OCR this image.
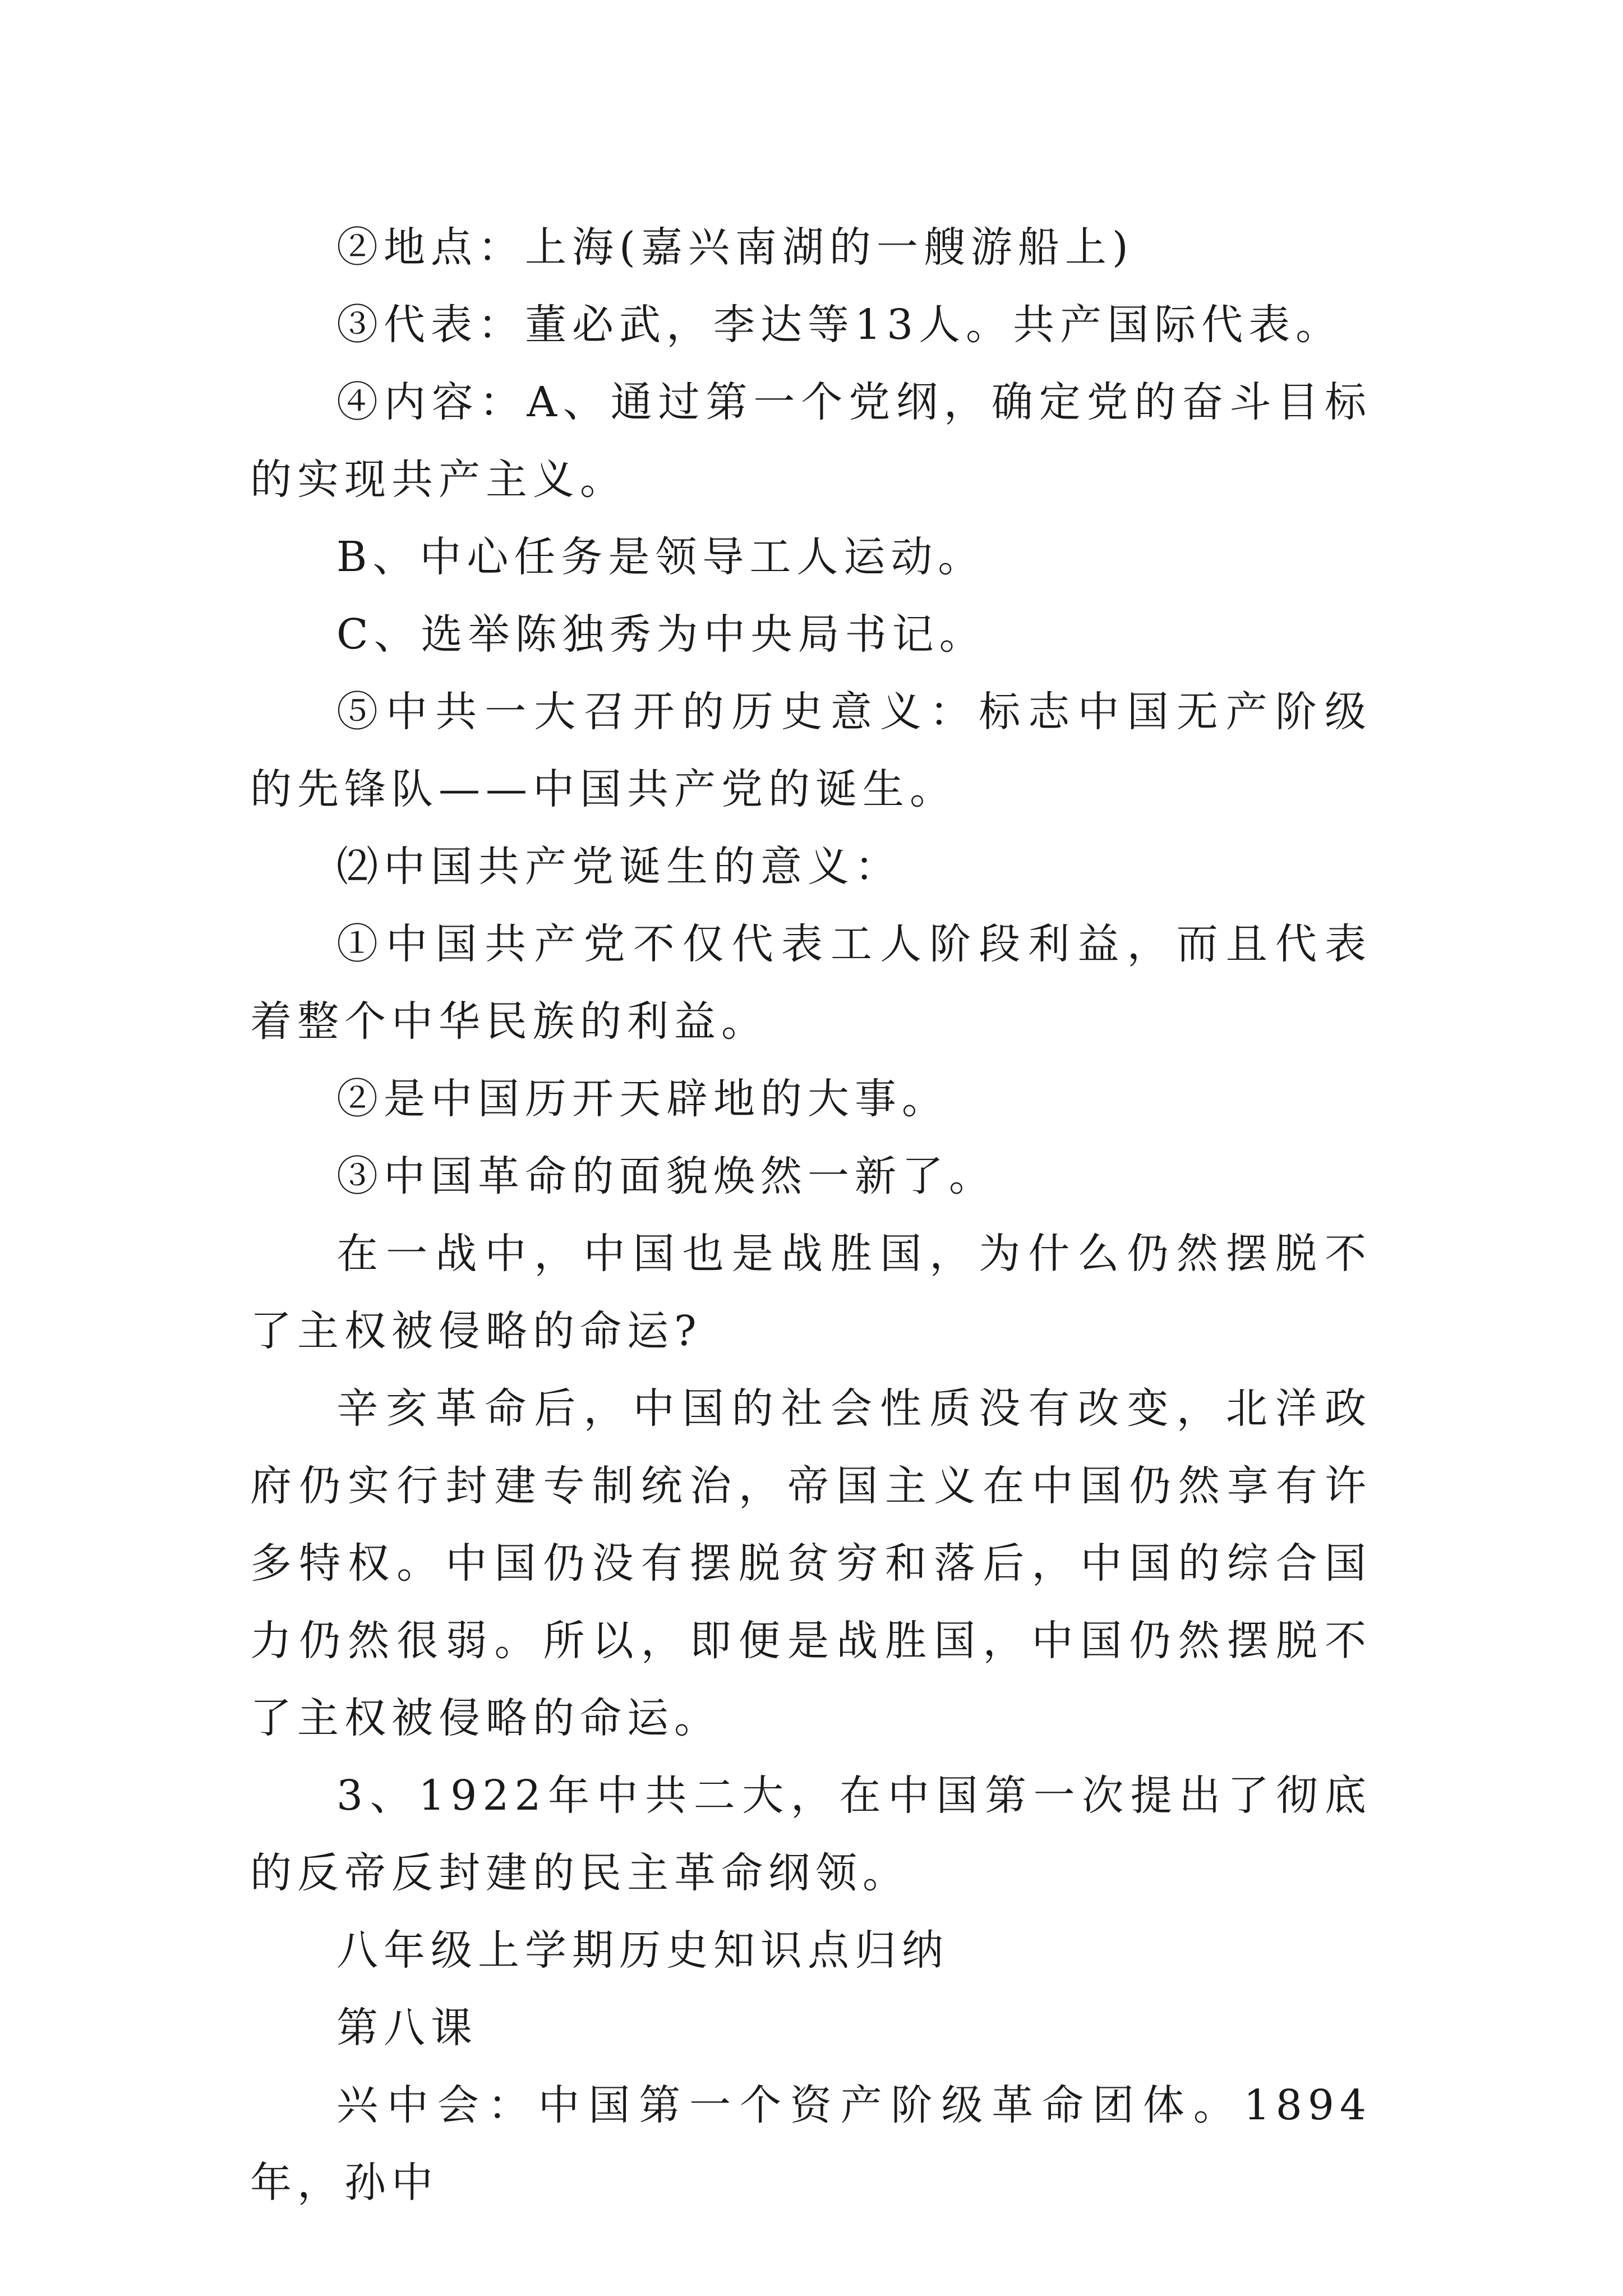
②地点：上海(嘉兴南湖的一艘游船上)

③代表：董必武，李达等13人。共产国际代表。

④内容：A、通过第一个党纲，确定党的奋斗目标的实现共产主义。

B、中心任务是领导工人运动。

C、选举陈独秀为中央局书记。

⑤中共一大召开的历史意义：标志中国无产阶级的先锋队——中国共产党的诞生。

⑵中国共产党诞生的意义：

①中国共产党不仅代表工人阶段利益，而且代表着整个中华民族的利益。

②是中国历开天辟地的大事。

③中国革命的面貌焕然一新了。

在一战中，中国也是战胜国，为什么仍然摆脱不了主权被侵略的命运?

辛亥革命后，中国的社会性质没有改变，北洋政府仍实行封建专制统治，帝国主义在中国仍然享有许多特权。中国仍没有摆脱贫穷和落后，中国的综合国力仍然很弱。所以，即便是战胜国，中国仍然摆脱不了主权被侵略的命运。

3、1922年中共二大，在中国第一次提出了彻底的反帝反封建的民主革命纲领。

八年级上学期历史知识点归纳

第八课

兴中会：中国第一个资产阶级革命团体。1894年，孙中
